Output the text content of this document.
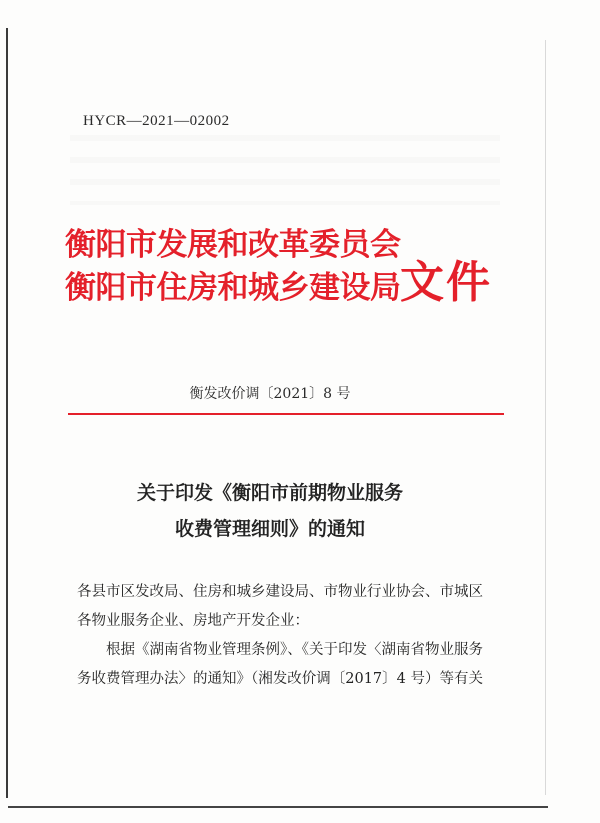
HYCR—2021—02002
衡阳市发展和改革委员会
衡阳市住房和城乡建设局 文件
衡发改价调〔2021〕8 号
关于印发《衡阳市前期物业服务
收费管理细则》的通知

各县市区发改局、住房和城乡建设局、市物业行业协会、市城区

各物业服务企业、房地产开发企业：

根据《湖南省物业管理条例》、《关于印发〈湖南省物业服务

务收费管理办法〉的通知》（湘发改价调〔2017〕4 号）等有关
